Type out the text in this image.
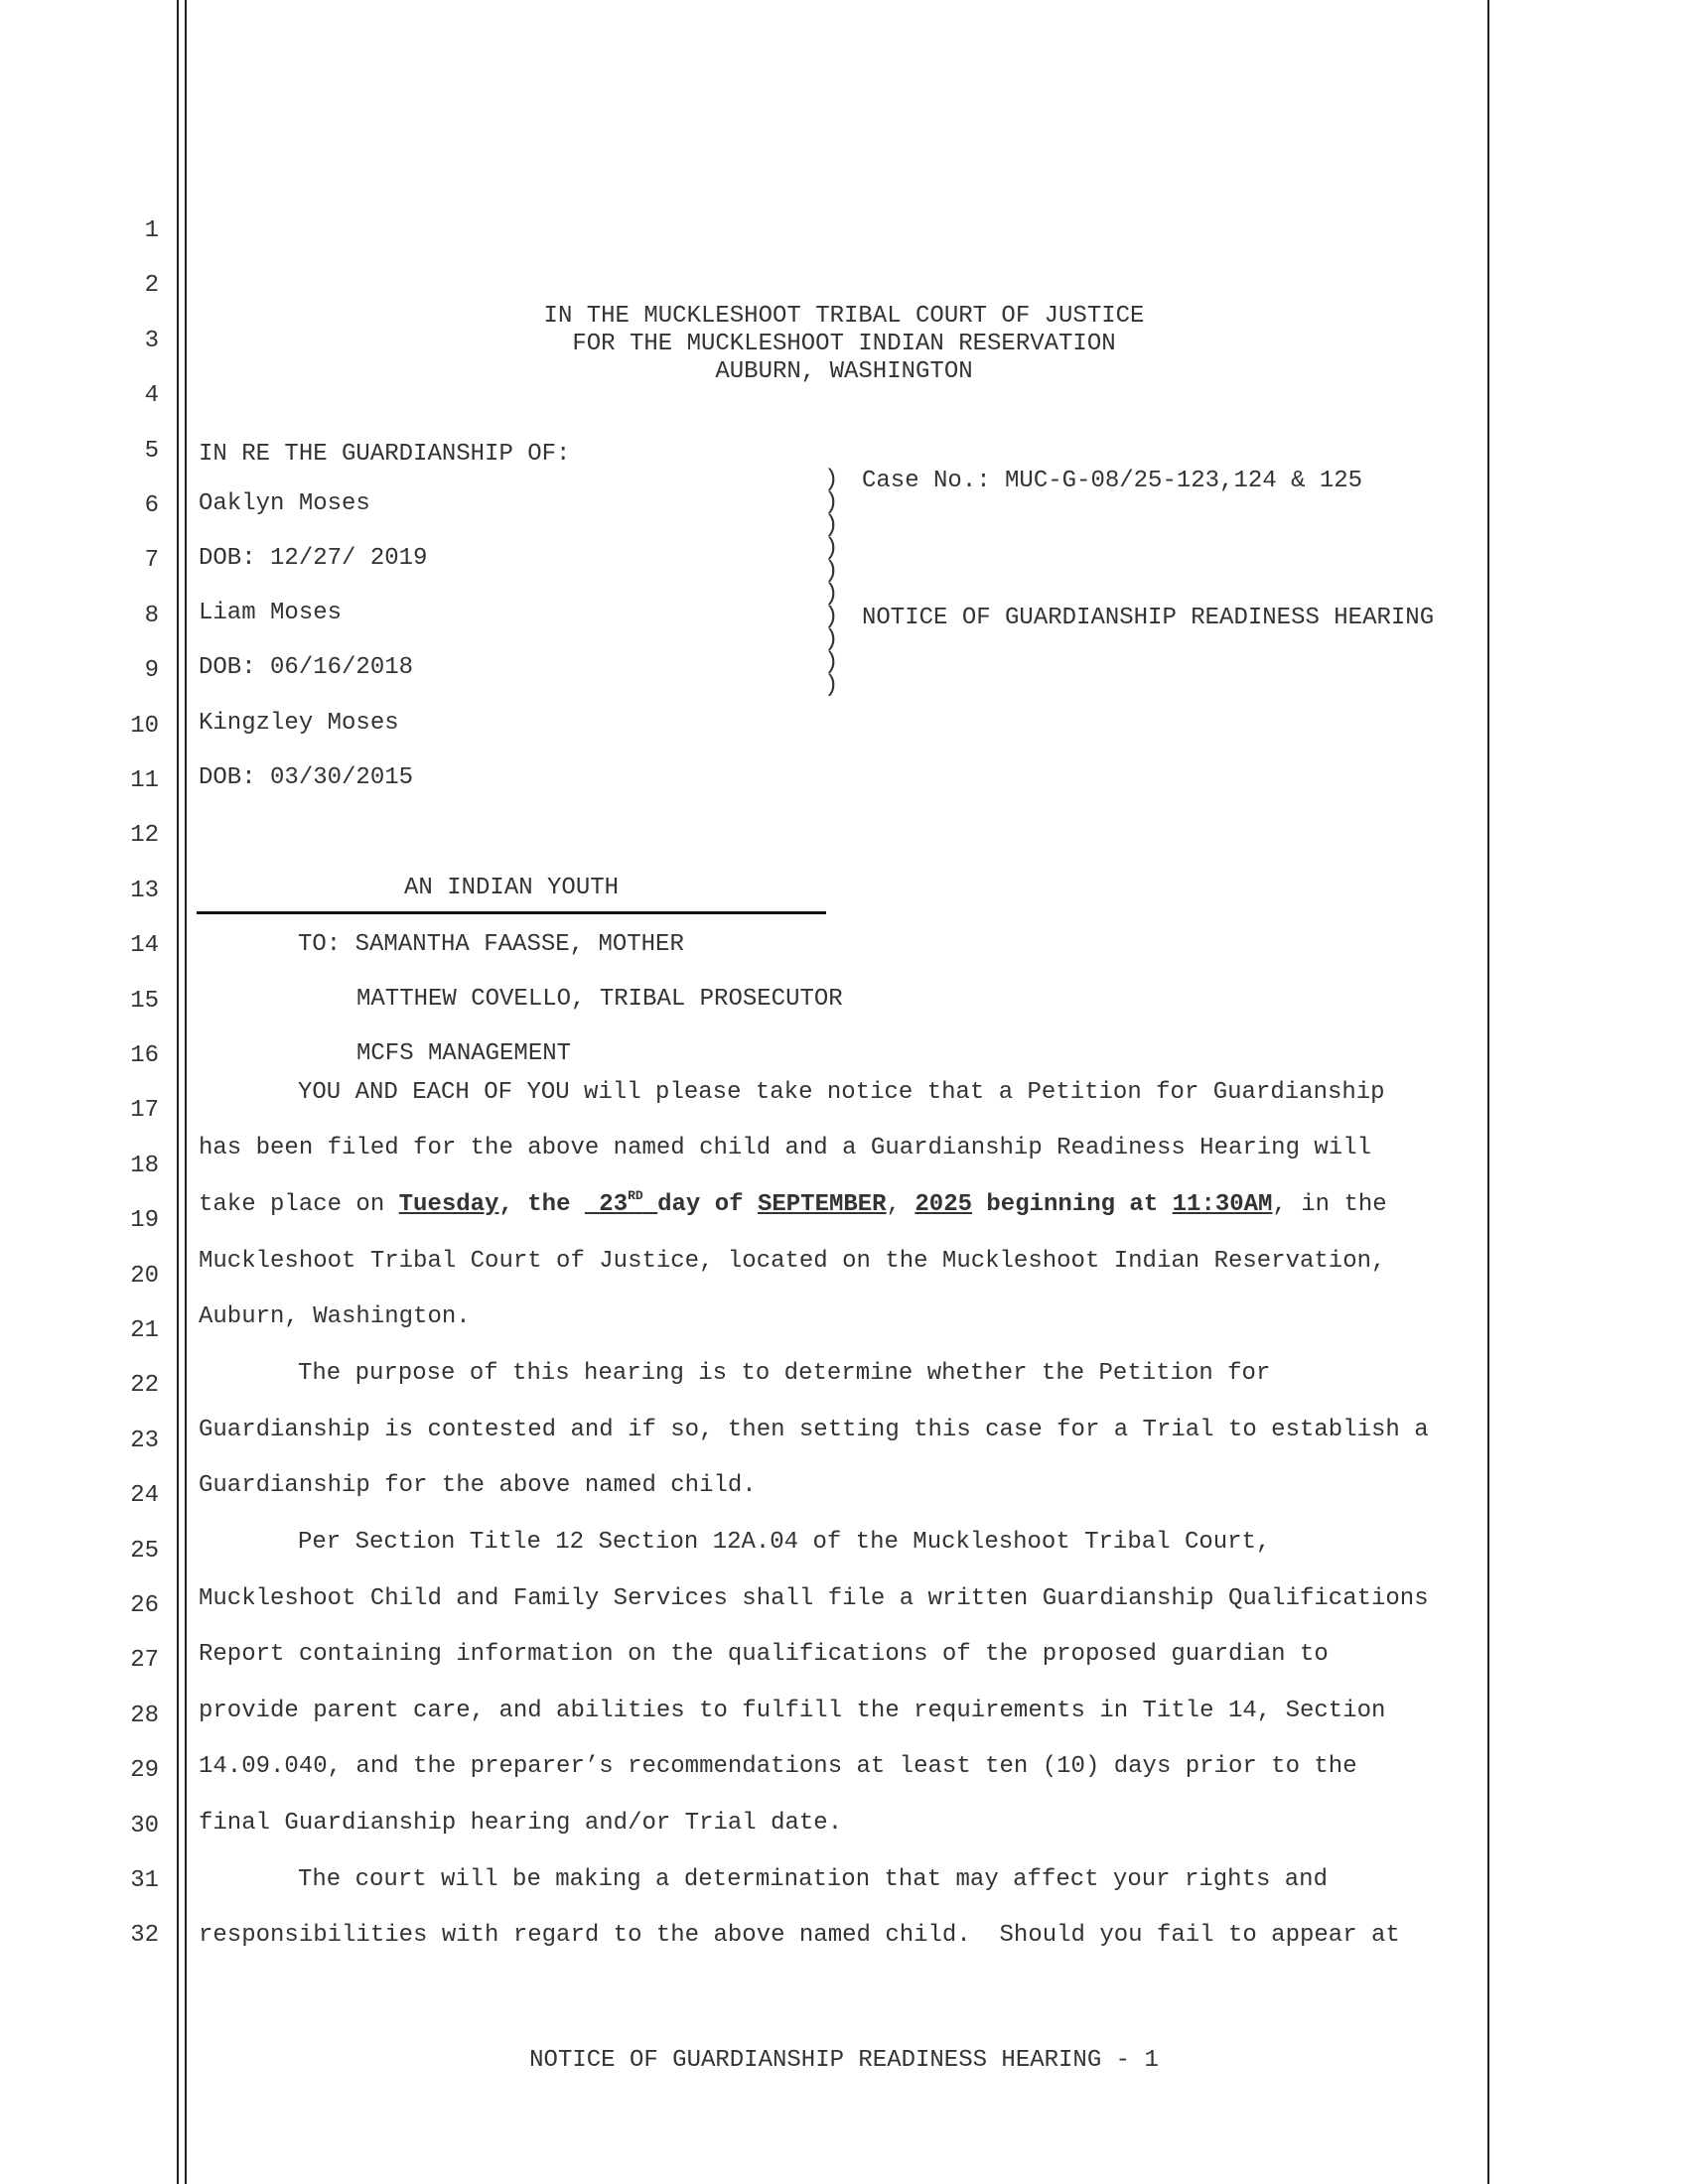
1
2
3
4
5
6
7
8
9
10
11
12
13
14
15
16
17
18
19
20
21
22
23
24
25
26
27
28
29
30
31
32
IN THE MUCKLESHOOT TRIBAL COURT OF JUSTICE
FOR THE MUCKLESHOOT INDIAN RESERVATION
AUBURN, WASHINGTON
IN RE THE GUARDIANSHIP OF:
Oaklyn Moses
DOB: 12/27/ 2019
Liam Moses
DOB: 06/16/2018
Kingzley Moses
DOB: 03/30/2015
AN INDIAN YOUTH
)
)
)
)
)
)
)
)
)
)
Case No.: MUC-G-08/25-123,124 & 125
NOTICE OF GUARDIANSHIP READINESS HEARING
TO: SAMANTHA FAASSE, MOTHER
MATTHEW COVELLO, TRIBAL PROSECUTOR
MCFS MANAGEMENT
YOU AND EACH OF YOU will please take notice that a Petition for Guardianship
has been filed for the above named child and a Guardianship Readiness Hearing will
take place on Tuesday, the  23RD day of SEPTEMBER, 2025 beginning at 11:30AM, in the
Muckleshoot Tribal Court of Justice, located on the Muckleshoot Indian Reservation,
Auburn, Washington.
The purpose of this hearing is to determine whether the Petition for
Guardianship is contested and if so, then setting this case for a Trial to establish a
Guardianship for the above named child.
Per Section Title 12 Section 12A.04 of the Muckleshoot Tribal Court,
Muckleshoot Child and Family Services shall file a written Guardianship Qualifications
Report containing information on the qualifications of the proposed guardian to
provide parent care, and abilities to fulfill the requirements in Title 14, Section
14.09.040, and the preparer’s recommendations at least ten (10) days prior to the
final Guardianship hearing and/or Trial date.
The court will be making a determination that may affect your rights and
responsibilities with regard to the above named child.  Should you fail to appear at
NOTICE OF GUARDIANSHIP READINESS HEARING - 1
